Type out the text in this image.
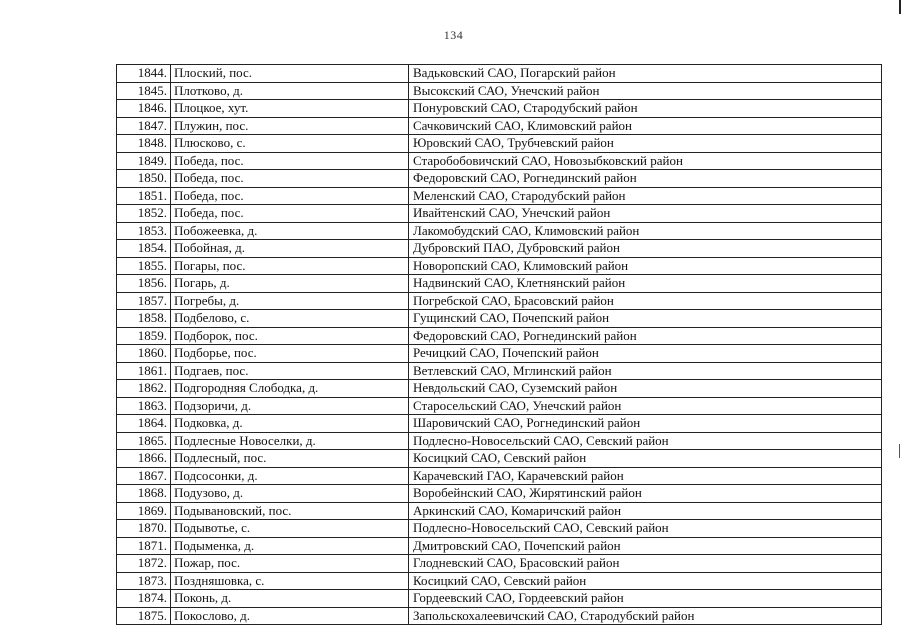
134
1844.	Плоский, пос.	Вадьковский САО, Погарский район
1845.	Плотково, д.	Высокский САО, Унечский район
1846.	Плоцкое, хут.	Понуровский САО, Стародубский район
1847.	Плужин, пос.	Сачковичский САО, Климовский район
1848.	Плюсково, с.	Юровский САО, Трубчевский район
1849.	Победа, пос.	Старобобовичский САО, Новозыбковский район
1850.	Победа, пос.	Федоровский САО, Рогнединский район
1851.	Победа, пос.	Меленский САО, Стародубский район
1852.	Победа, пос.	Ивайтенский САО, Унечский район
1853.	Побожеевка, д.	Лакомобудский САО, Климовский район
1854.	Побойная, д.	Дубровский ПАО, Дубровский район
1855.	Погары, пос.	Новоропский САО, Климовский район
1856.	Погарь, д.	Надвинский САО, Клетнянский район
1857.	Погребы, д.	Погребской САО, Брасовский район
1858.	Подбелово, с.	Гущинский САО, Почепский район
1859.	Подборок, пос.	Федоровский САО, Рогнединский район
1860.	Подборье, пос.	Речицкий САО, Почепский район
1861.	Подгаев, пос.	Ветлевский САО, Мглинский район
1862.	Подгородняя Слободка, д.	Невдольский САО, Суземский район
1863.	Подзоричи, д.	Старосельский САО, Унечский район
1864.	Подковка, д.	Шаровичский САО, Рогнединский район
1865.	Подлесные Новоселки, д.	Подлесно-Новосельский САО, Севский район
1866.	Подлесный, пос.	Косицкий САО, Севский район
1867.	Подсосонки, д.	Карачевский ГАО, Карачевский район
1868.	Подузово, д.	Воробейнский САО, Жирятинский район
1869.	Подывановский, пос.	Аркинский САО, Комаричский район
1870.	Подывотье, с.	Подлесно-Новосельский САО, Севский район
1871.	Подыменка, д.	Дмитровский САО, Почепский район
1872.	Пожар, пос.	Глодневский САО, Брасовский район
1873.	Поздняшовка, с.	Косицкий САО, Севский район
1874.	Поконь, д.	Гордеевский САО, Гордеевский район
1875.	Покослово, д.	Запольскохалеевичский САО, Стародубский район
